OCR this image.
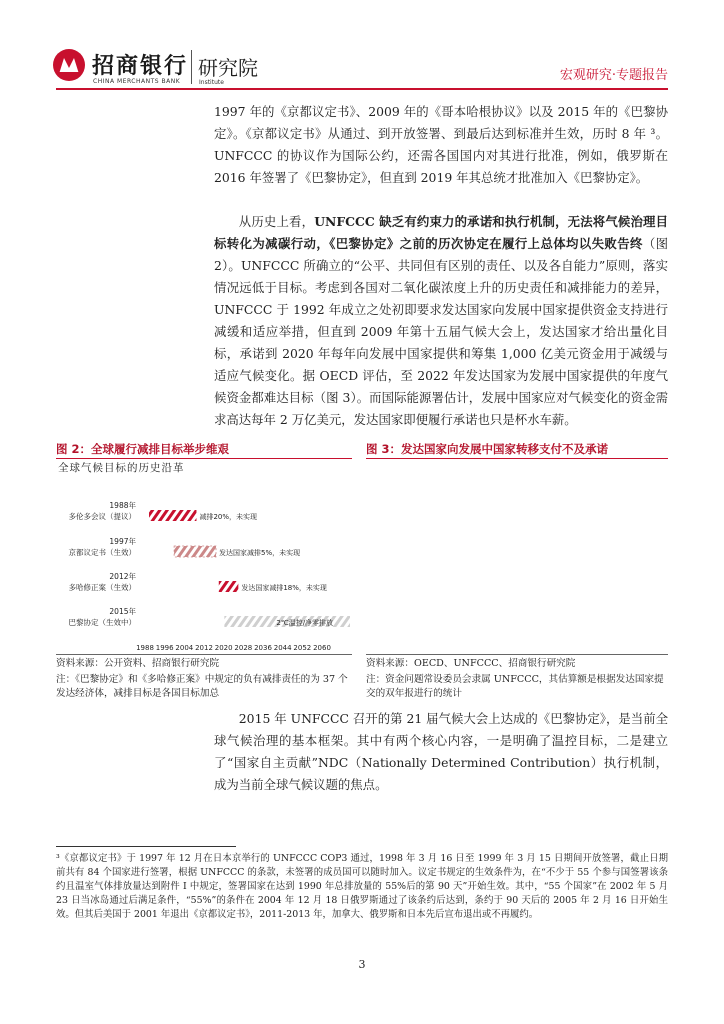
招商银行
CHINA MERCHANTS BANK
研究院
Institute	宏观研究·专题报告

1997 年的《京都议定书》、2009 年的《哥本哈根协议》以及 2015 年的《巴黎协定》。《京都议定书》从通过、到开放签署、到最后达到标准并生效，历时 8 年 ³。UNFCCC 的协议作为国际公约，还需各国国内对其进行批准，例如，俄罗斯在 2016 年签署了《巴黎协定》，但直到 2019 年其总统才批准加入《巴黎协定》。

从历史上看，UNFCCC 缺乏有约束力的承诺和执行机制，无法将气候治理目标转化为减碳行动，《巴黎协定》之前的历次协定在履行上总体均以失败告终（图 2）。UNFCCC 所确立的“公平、共同但有区别的责任、以及各自能力”原则，落实情况远低于目标。考虑到各国对二氧化碳浓度上升的历史责任和减排能力的差异，UNFCCC 于 1992 年成立之处初即要求发达国家向发展中国家提供资金支持进行减缓和适应举措，但直到 2009 年第十五届气候大会上，发达国家才给出量化目标，承诺到 2020 年每年向发展中国家提供和筹集 1,000 亿美元资金用于减缓与适应气候变化。据 OECD 评估，至 2022 年发达国家为发展中国家提供的年度气候资金都难达目标（图 3）。而国际能源署估计，发展中国家应对气候变化的资金需求高达每年 2 万亿美元，发达国家即便履行承诺也只是杯水车薪。

图 2：全球履行减排目标举步维艰	图 3：发达国家向发展中国家转移支付不及承诺
全球气候目标的历史沿革
1988年
多伦多会议（提议）	减排20%，未实现
1997年
京都议定书（生效）	发达国家减排5%，未实现
2012年
多哈修正案（生效）	发达国家减排18%，未实现
2015年
巴黎协定（生效中）	2℃温控/净零排放
1988 1996 2004 2012 2020 2028 2036 2044 2052 2060
资料来源：公开资料、招商银行研究院
注：《巴黎协定》和《多哈修正案》中规定的负有减排责任的为 37 个发达经济体，减排目标是各国目标加总
资料来源：OECD、UNFCCC、招商银行研究院
注：资金问题常设委员会隶属 UNFCCC，其估算额是根据发达国家提交的双年报进行的统计

2015 年 UNFCCC 召开的第 21 届气候大会上达成的《巴黎协定》，是当前全球气候治理的基本框架。其中有两个核心内容，一是明确了温控目标，二是建立了“国家自主贡献”NDC（Nationally Determined Contribution）执行机制，成为当前全球气候议题的焦点。

³《京都议定书》于 1997 年 12 月在日本京举行的 UNFCCC COP3 通过，1998 年 3 月 16 日至 1999 年 3 月 15 日期间开放签署，截止日期前共有 84 个国家进行签署，根据 UNFCCC 的条款，未签署的成员国可以随时加入。议定书规定的生效条件为，在“不少于 55 个参与国签署该条约且温室气体排放量达到附件 I 中规定，签署国家在达到 1990 年总排放量的 55%后的第 90 天”开始生效。其中，“55 个国家”在 2002 年 5 月 23 日当冰岛通过后满足条件，“55%”的条件在 2004 年 12 月 18 日俄罗斯通过了该条约后达到，条约于 90 天后的 2005 年 2 月 16 日开始生效。但其后美国于 2001 年退出《京都议定书》，2011-2013 年，加拿大、俄罗斯和日本先后宣布退出或不再履约。
3
